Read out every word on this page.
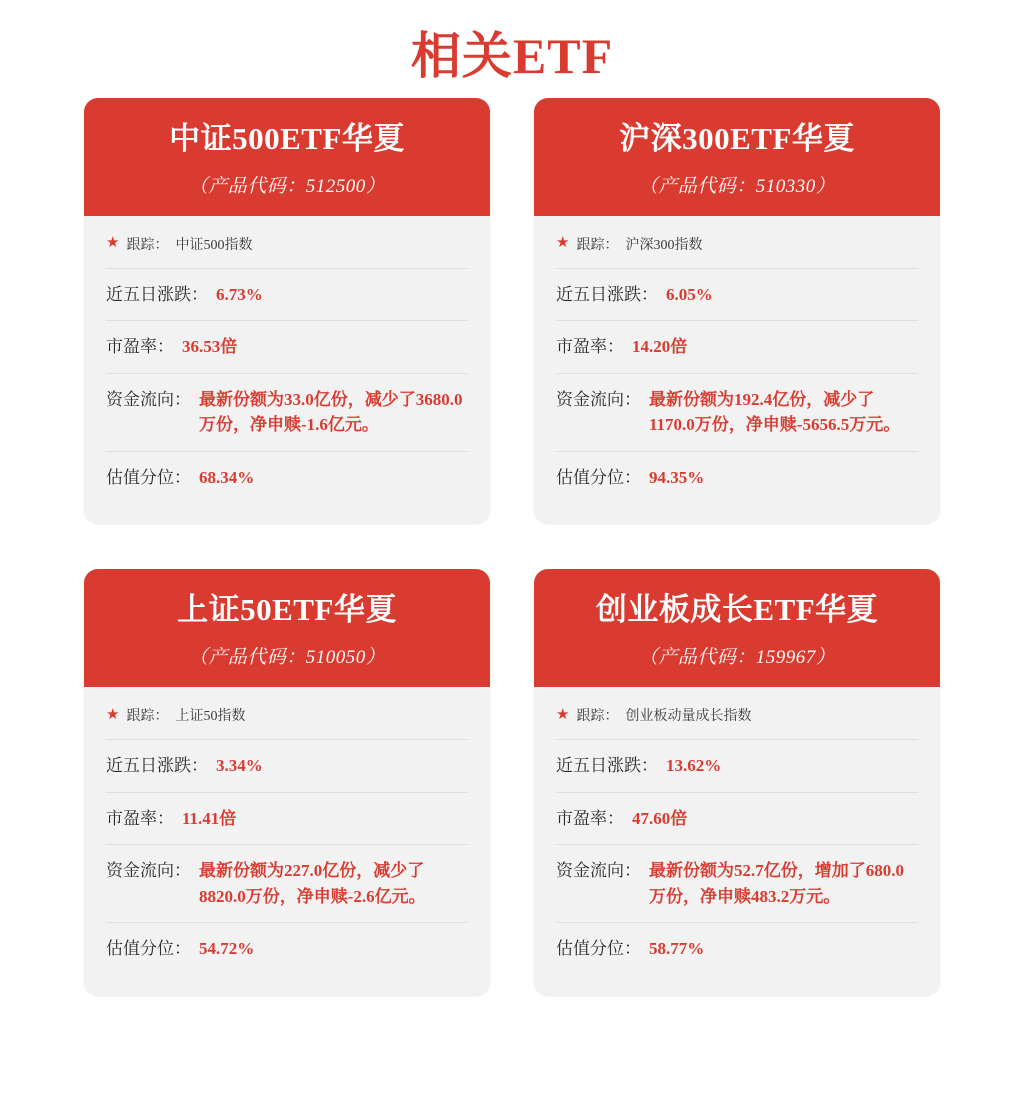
相关ETF
中证500ETF华夏
（产品代码：512500）
★ 跟踪： 中证500指数
近五日涨跌： 6.73%
市盈率： 36.53倍
资金流向： 最新份额为33.0亿份，减少了3680.0万份，净申赎-1.6亿元。
估值分位： 68.34%
沪深300ETF华夏
（产品代码：510330）
★ 跟踪： 沪深300指数
近五日涨跌： 6.05%
市盈率： 14.20倍
资金流向： 最新份额为192.4亿份，减少了1170.0万份，净申赎-5656.5万元。
估值分位： 94.35%
上证50ETF华夏
（产品代码：510050）
★ 跟踪： 上证50指数
近五日涨跌： 3.34%
市盈率： 11.41倍
资金流向： 最新份额为227.0亿份，减少了8820.0万份，净申赎-2.6亿元。
估值分位： 54.72%
创业板成长ETF华夏
（产品代码：159967）
★ 跟踪： 创业板动量成长指数
近五日涨跌： 13.62%
市盈率： 47.60倍
资金流向： 最新份额为52.7亿份，增加了680.0万份，净申赎483.2万元。
估值分位： 58.77%
